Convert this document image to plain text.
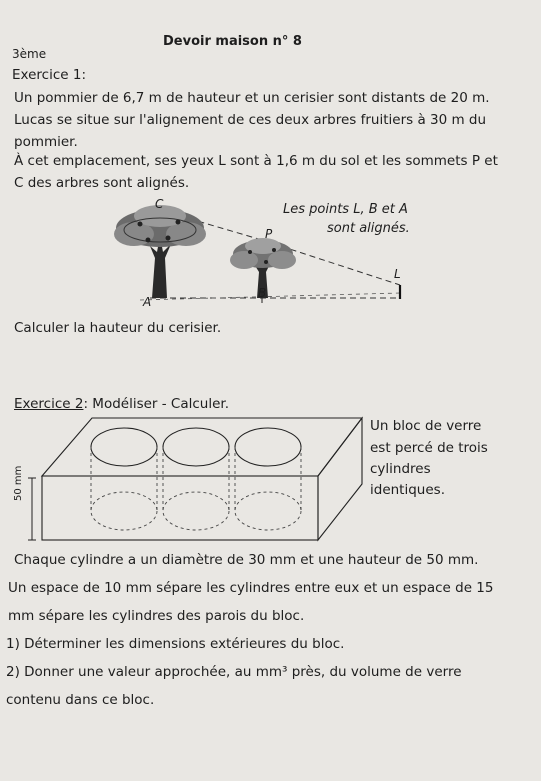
3ème
Devoir maison n° 8
Exercice 1:
Un pommier de 6,7 m de hauteur et un cerisier sont distants de 20 m.
Lucas se situe sur l'alignement de ces deux arbres fruitiers à 30 m du
pommier.
À cet emplacement, ses yeux L sont à 1,6 m du sol et les sommets P et
C des arbres sont alignés.
C
P
L
A
B
Les points L, B et A
sont alignés.
Calculer la hauteur du cerisier.
Exercice 2: Modéliser - Calculer.
50 mm
Un bloc de verre
est percé de trois
cylindres
identiques.
Chaque cylindre a un diamètre de 30 mm et une hauteur de 50 mm.
Un espace de 10 mm sépare les cylindres entre eux et un espace de 15
mm sépare les cylindres des parois du bloc.
1) Déterminer les dimensions extérieures du bloc.
2) Donner une valeur approchée, au mm³ près, du volume de verre
contenu dans ce bloc.
